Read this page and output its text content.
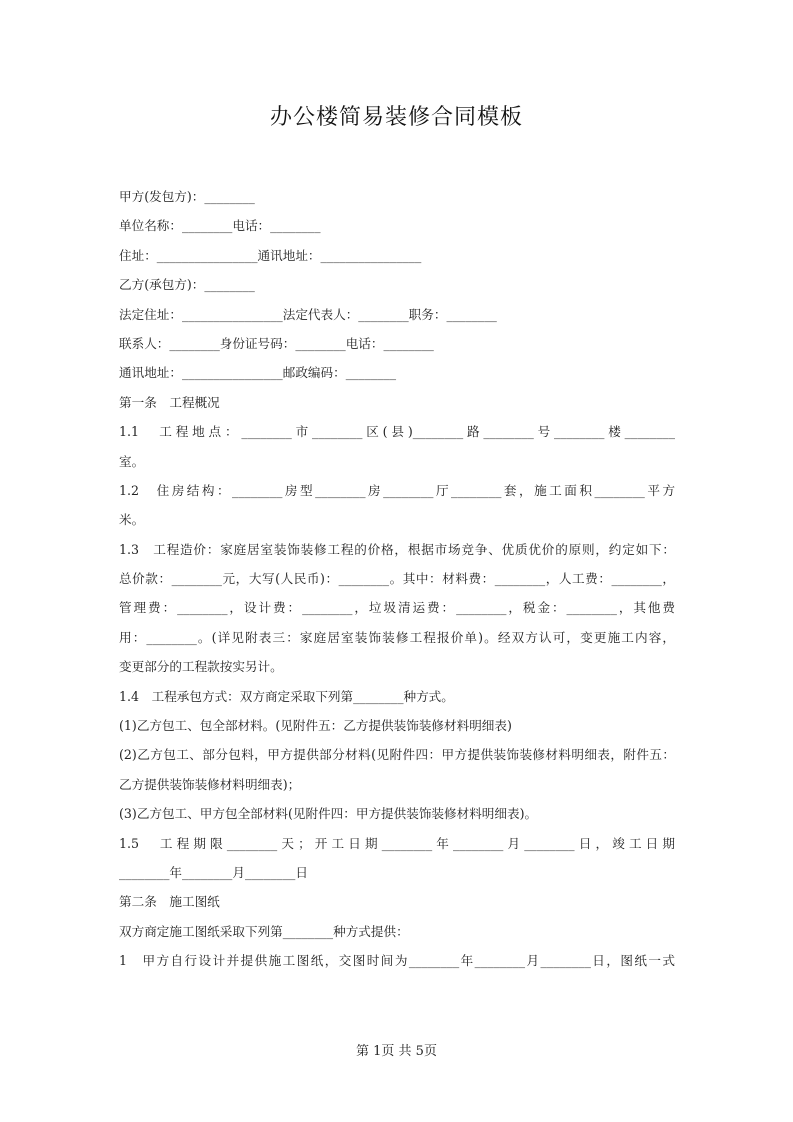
办公楼简易装修合同模板
甲方(发包方)：________
单位名称：________电话：________
住址：________________通讯地址：________________
乙方(承包方)：________
法定住址：________________法定代表人：________职务：________
联系人：________身份证号码：________电话：________
通讯地址：________________邮政编码：________
第一条　工程概况
1.1　工程地点：________市________区(县)________路________号________楼________
室。
1.2　住房结构：________房型________房________厅________套，施工面积________平方
米。
1.3　工程造价：家庭居室装饰装修工程的价格，根据市场竞争、优质优价的原则，约定如下：
总价款：________元，大写(人民币)：________。其中：材料费：________，人工费：________，
管理费：________，设计费：________，垃圾清运费：________，税金：________，其他费
用：________。(详见附表三：家庭居室装饰装修工程报价单)。经双方认可，变更施工内容，
变更部分的工程款按实另计。
1.4　工程承包方式：双方商定采取下列第________种方式。
(1)乙方包工、包全部材料。(见附件五：乙方提供装饰装修材料明细表)
(2)乙方包工、部分包料，甲方提供部分材料(见附件四：甲方提供装饰装修材料明细表，附件五：
乙方提供装饰装修材料明细表)；
(3)乙方包工、甲方包全部材料(见附件四：甲方提供装饰装修材料明细表)。
1.5　工程期限________天；开工日期________年________月________日，竣工日期
________年________月________日
第二条　施工图纸
双方商定施工图纸采取下列第________种方式提供：
1　甲方自行设计并提供施工图纸，交图时间为________年________月________日，图纸一式
第 1页 共 5页
